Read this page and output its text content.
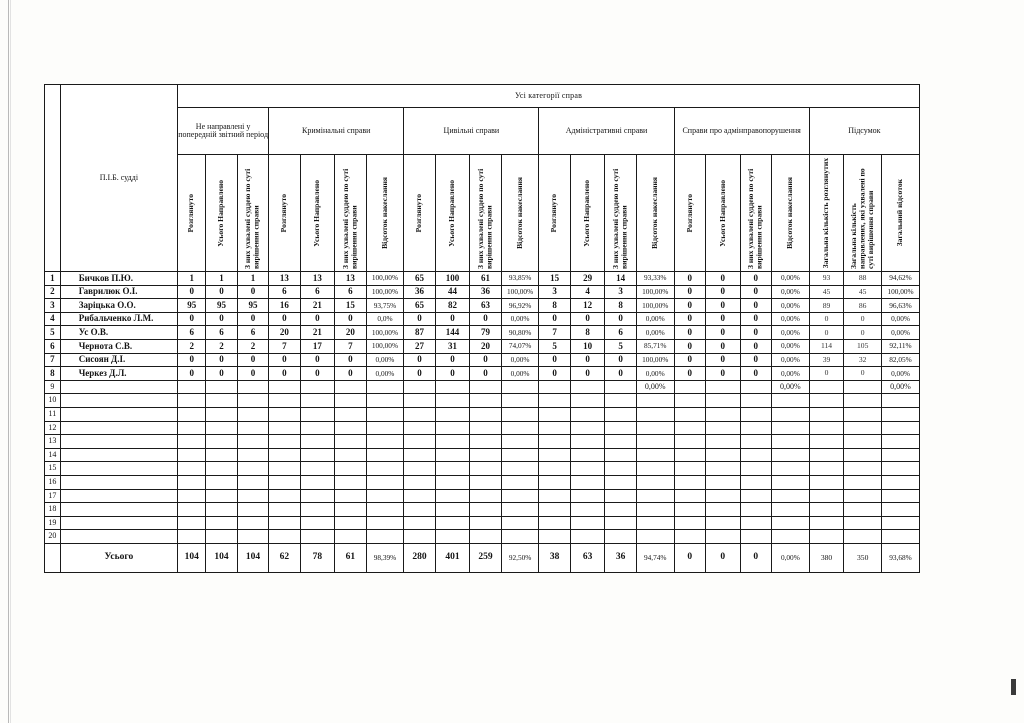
	П.І.Б. судді	Усі категорії справ																					
		Не направлені у попередній звітний період			Кримінальні справи				Цивільні справи				Адміністративні справи				Справи про адмінправопорушення				Підсумок		

		Розглянуто	Усього Направлено	З них ухвалені суддею по суті вирішення справи	Розглянуто	Усього Направлено	З них ухвалені суддею по суті вирішення справи	Відсоток накеслання	Розглянуто	Усього Направлено	З них ухвалені суддею по суті вирішення справи	Відсоток накеслання	Розглянуто	Усього Направлено	З них ухвалені суддею по суті вирішення справи	Відсоток накеслання	Розглянуто	Усього Направлено	З них ухвалені суддею по суті вирішення справи	Відсоток накеслання	Загальна кількість розглянутих	Загальна кількість направлених, які ухвалені по суті вирішення справи	Загальний відсоток

1	Бичков П.Ю.	1	1	1	13	13	13	100,00%	65	100	61	93,85%	15	29	14	93,33%	0	0	0	0,00%	93	88	94,62%
2	Гаврилюк О.І.	0	0	0	6	6	6	100,00%	36	44	36	100,00%	3	4	3	100,00%	0	0	0	0,00%	45	45	100,00%
3	Заріцька О.О.	95	95	95	16	21	15	93,75%	65	82	63	96,92%	8	12	8	100,00%	0	0	0	0,00%	89	86	96,63%
4	Рибальченко Л.М.	0	0	0	0	0	0	0,0%	0	0	0	0,00%	0	0	0	0,00%	0	0	0	0,00%	0	0	0,00%
5	Ус О.В.	6	6	6	20	21	20	100,00%	87	144	79	90,80%	7	8	6	0,00%	0	0	0	0,00%	0	0	0,00%
6	Чернота С.В.	2	2	2	7	17	7	100,00%	27	31	20	74,07%	5	10	5	85,71%	0	0	0	0,00%	114	105	92,11%
7	Сисоян Д.І.	0	0	0	0	0	0	0,00%	0	0	0	0,00%	0	0	0	100,00%	0	0	0	0,00%	39	32	82,05%
8	Черкез Д.Л.	0	0	0	0	0	0	0,00%	0	0	0	0,00%	0	0	0	0,00%	0	0	0	0,00%	0	0	0,00%
9																0,00%				0,00%			0,00%
10	

11	

12	

13	

14	

15	

16	

17	

18	

19	

20	

	Усього	104	104	104	62	78	61	98,39%	280	401	259	92,50%	38	63	36	94,74%	0	0	0	0,00%	380	350	93,68%
